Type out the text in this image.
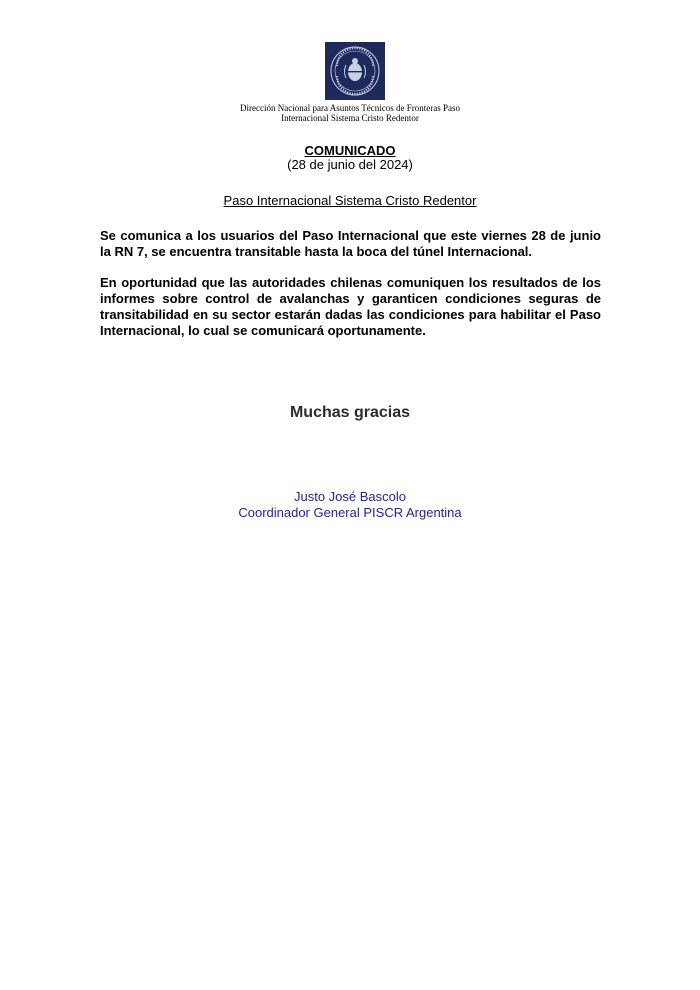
Dirección Nacional para Asuntos Técnicos de Fronteras Paso
Internacional Sistema Cristo Redentor
COMUNICADO
(28 de junio del 2024)
Paso Internacional Sistema Cristo Redentor
Se comunica a los usuarios del Paso Internacional que este viernes 28 de junio la RN 7, se encuentra transitable hasta la boca del túnel Internacional.
En oportunidad que las autoridades chilenas comuniquen los resultados de los informes sobre control de avalanchas y garanticen condiciones seguras de transitabilidad en su sector estarán dadas las condiciones para habilitar el Paso Internacional, lo cual se comunicará oportunamente.
Muchas gracias
Justo José Bascolo
Coordinador General PISCR Argentina
